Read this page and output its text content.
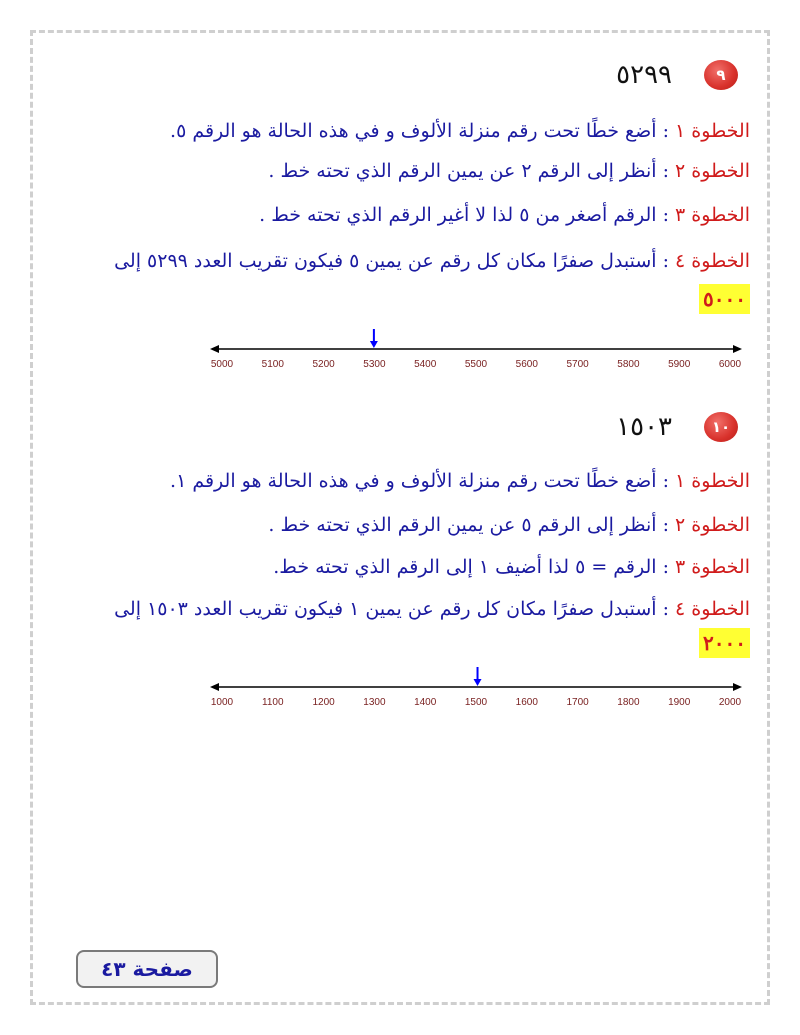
٩
٥٢٩٩
الخطوة ١ : أضع خطًا تحت رقم منزلة الألوف و في هذه الحالة هو الرقم ٥.
الخطوة ٢ : أنظر إلى الرقم ٢ عن يمين الرقم الذي تحته خط .
الخطوة ٣ : الرقم أصغر من ٥ لذا لا أغير الرقم الذي تحته خط .
الخطوة ٤ : أستبدل صفرًا مكان كل رقم عن يمين ٥ فيكون تقريب العدد ٥٢٩٩ إلى
٥٠٠٠
5000	5100	5200	5300	5400	5500	5600	5700	5800	5900	6000
١٠
١٥٠٣
الخطوة ١ : أضع خطًا تحت رقم منزلة الألوف و في هذه الحالة هو الرقم ١.
الخطوة ٢ : أنظر إلى الرقم ٥ عن يمين الرقم الذي تحته خط .
الخطوة ٣ : الرقم = ٥ لذا أضيف ١ إلى الرقم الذي تحته خط.
الخطوة ٤ : أستبدل صفرًا مكان كل رقم عن يمين ١ فيكون تقريب العدد ١٥٠٣ إلى
٢٠٠٠
1000	1100	1200	1300	1400	1500	1600	1700	1800	1900	2000
صفحة ٤٣
